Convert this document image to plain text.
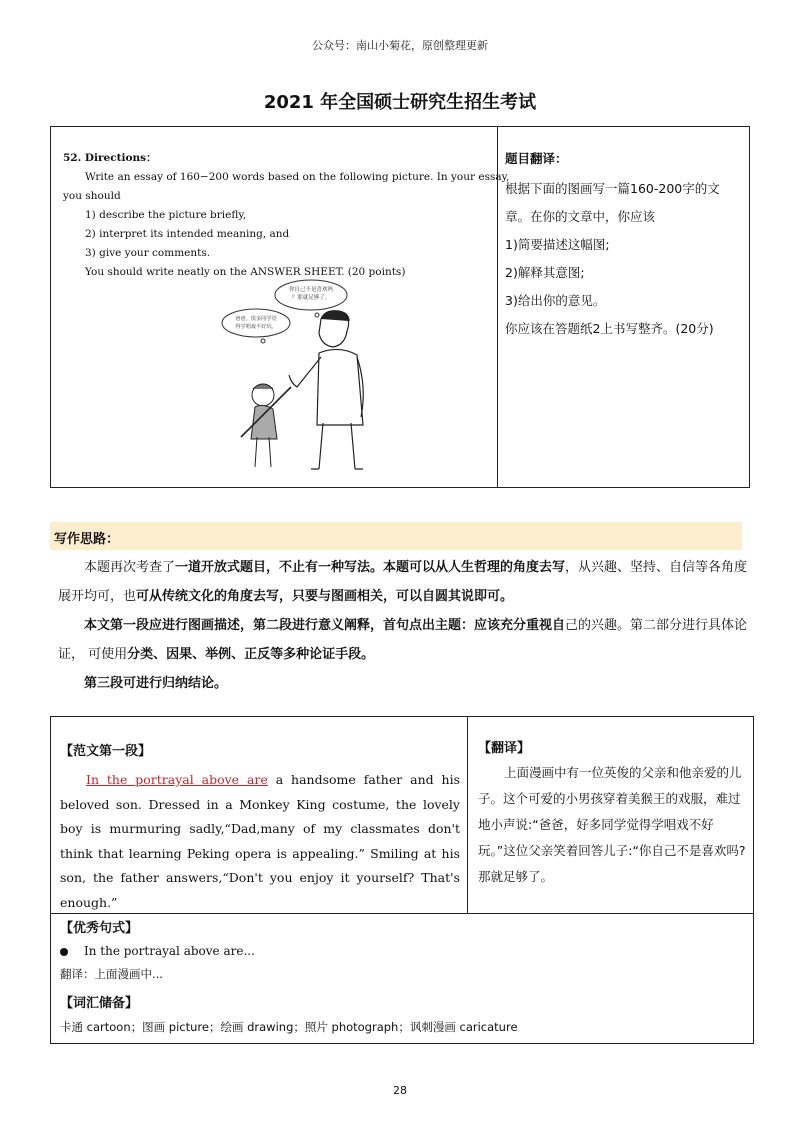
公众号：南山小菊花，原创整理更新
2021 年全国硕士研究生招生考试
52. Directions：
Write an essay of 160−200 words based on the following picture. In your essay,
you should
1) describe the picture briefly,
2) interpret its intended meaning, and
3) give your comments.
You should write neatly on the ANSWER SHEET. (20 points)
你自己不是喜欢吗
？那就足够了。
爸爸，很多同学觉
得学唱戏不好玩。
题目翻译：
根据下面的图画写一篇160-200字的文
章。在你的文章中，你应该
1)简要描述这幅图;
2)解释其意图;
3)给出你的意见。
你应该在答题纸2上书写整齐。(20分)
写作思路：

本题再次考查了一道开放式题目，不止有一种写法。本题可以从人生哲理的角度去写，从兴趣、坚持、自信等各角度展开均可，也可从传统文化的角度去写，只要与图画相关，可以自圆其说即可。

本文第一段应进行图画描述，第二段进行意义阐释，首句点出主题：应该充分重视自己的兴趣。第二部分进行具体论证， 可使用分类、因果、举例、正反等多种论证手段。

第三段可进行归纳结论。

【范文第一段】
In the portrayal above are a handsome father and his beloved son. Dressed in a Monkey King costume, the lovely boy is murmuring sadly,“Dad,many of my classmates don't think that learning Peking opera is appealing.” Smiling at his son, the father answers,“Don't you enjoy it yourself? That's enough.”
【翻译】

上面漫画中有一位英俊的父亲和他亲爱的儿子。这个可爱的小男孩穿着美猴王的戏服，难过地小声说:“爸爸，好多同学觉得学唱戏不好玩。”这位父亲笑着回答儿子:“你自己不是喜欢吗?那就足够了。

【优秀句式】
In the portrayal above are...
翻译：上面漫画中...
【词汇储备】
卡通 cartoon；图画 picture；绘画 drawing；照片 photograph；讽刺漫画 caricature
28
